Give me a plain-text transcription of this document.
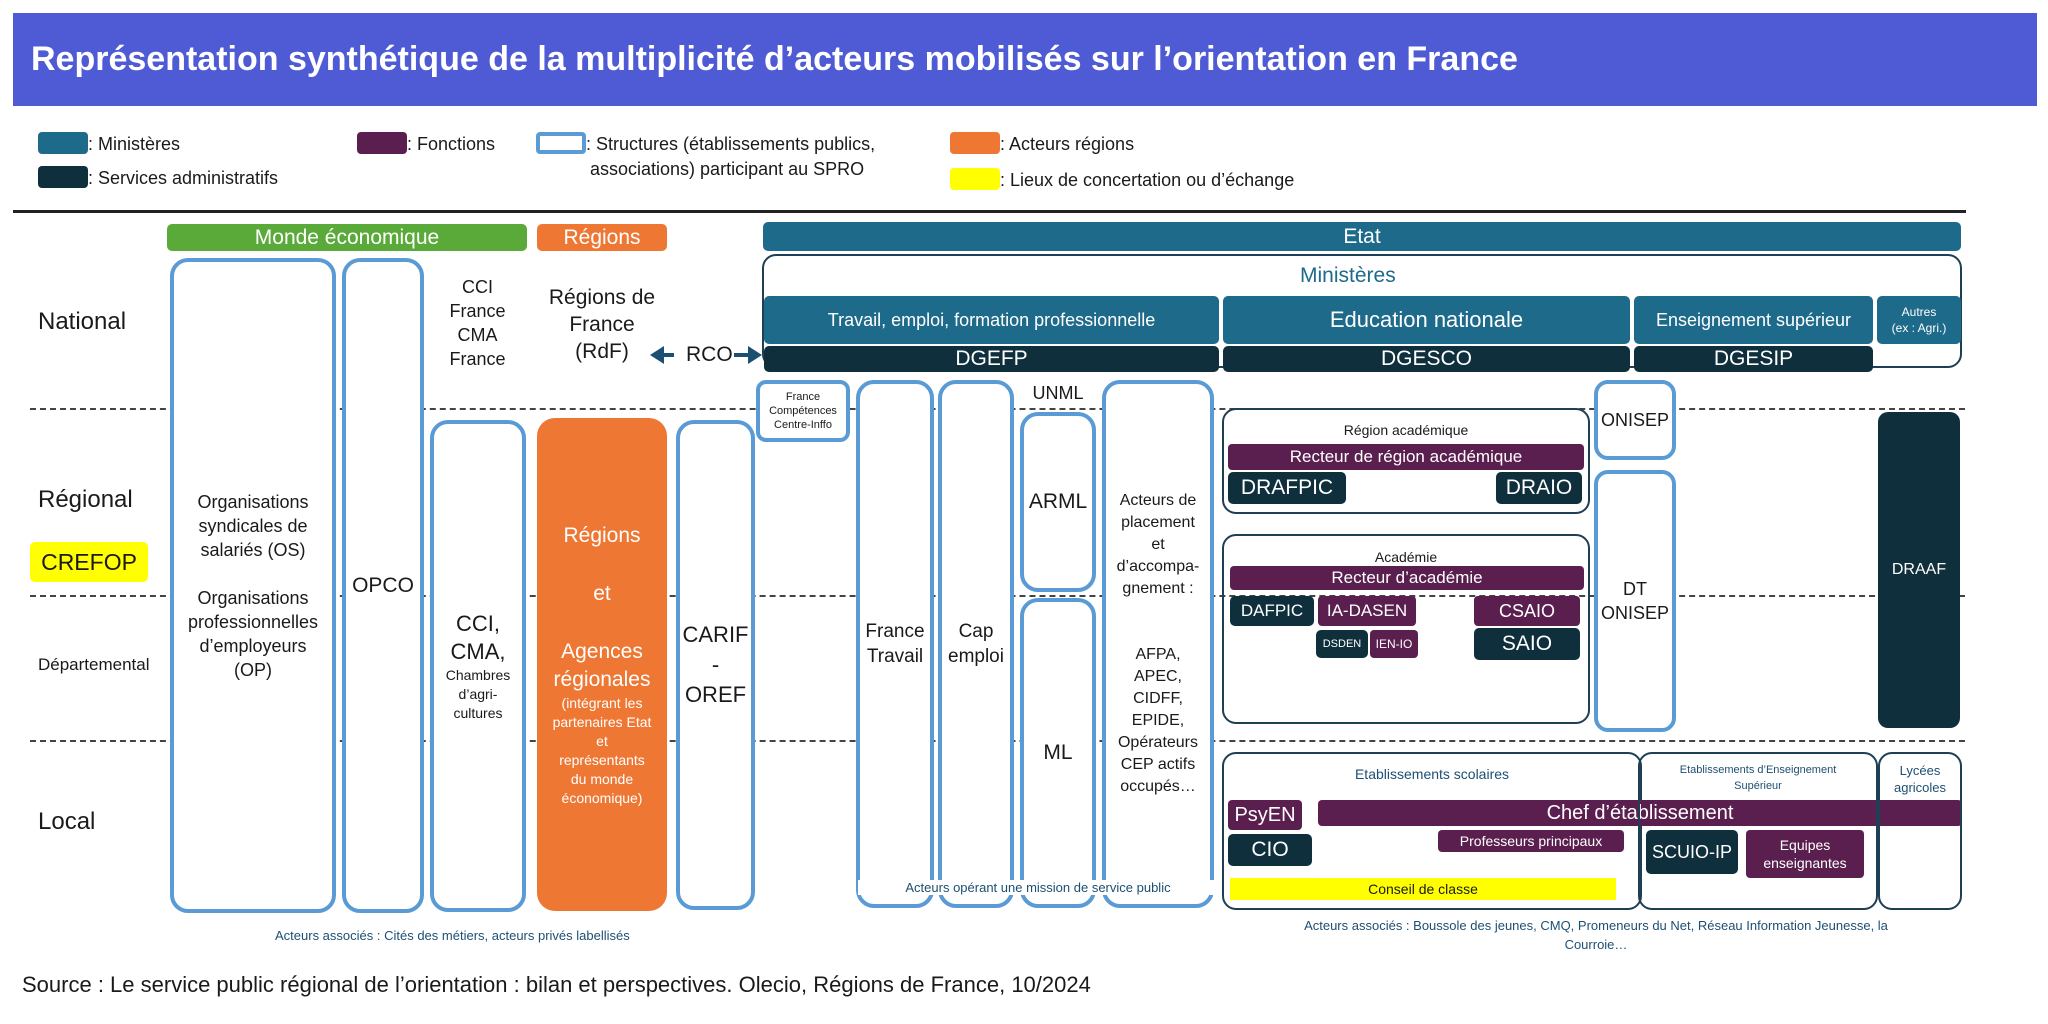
Représentation synthétique de la multiplicité d’acteurs mobilisés sur l’orientation en France
: Ministères
: Services administratifs
: Fonctions	: Structures (établissements publics,
associations) participant au SPRO
: Acteurs régions
: Lieux de concertation ou d’échange
Monde économique	Régions	Etat
National
Régional
CREFOP
Départemental
Local
Organisations
syndicales de
salariés (OS)
Organisations
professionnelles
d’employeurs
(OP)
OPCO
CCI
France
CMA
France
CCI,
CMA,
Chambres
d’agri-
cultures
Régions de
France
(RdF)	RCO
Régions
et
Agences
régionales
(intégrant les
partenaires Etat
et
représentants
du monde
économique)
CARIF
-
OREF
Acteurs associés : Cités des métiers, acteurs privés labellisés
Ministères
Travail, emploi, formation professionnelle	Education nationale	Enseignement supérieur	Autres
(ex : Agri.)
DGEFP	DGESCO	DGESIP
France
Compétences
Centre-Inffo
France
Travail
Cap
emploi
UNML
ARML
ML
Acteurs de
placement
et
d’accompa-
gnement :
AFPA,
APEC,
CIDFF,
EPIDE,
Opérateurs
CEP actifs
occupés…
Acteurs opérant une mission de service public
Région académique
Recteur de région académique
DRAFPIC	DRAIO
Académie
Recteur d’académie
DAFPIC	IA-DASEN	CSAIO
DSDEN	IEN-IO	SAIO
ONISEP
DT
ONISEP
DRAAF
Etablissements scolaires
PsyEN
CIO
Chef d’établissement
Professeurs principaux
Conseil de classe
Etablissements d’Enseignement
Supérieur
SCUIO-IP	Equipes
enseignantes
Lycées
agricoles
Acteurs associés : Boussole des jeunes, CMQ, Promeneurs du Net, Réseau Information Jeunesse, la
Courroie…
Source : Le service public régional de l’orientation : bilan et perspectives. Olecio, Régions de France, 10/2024
